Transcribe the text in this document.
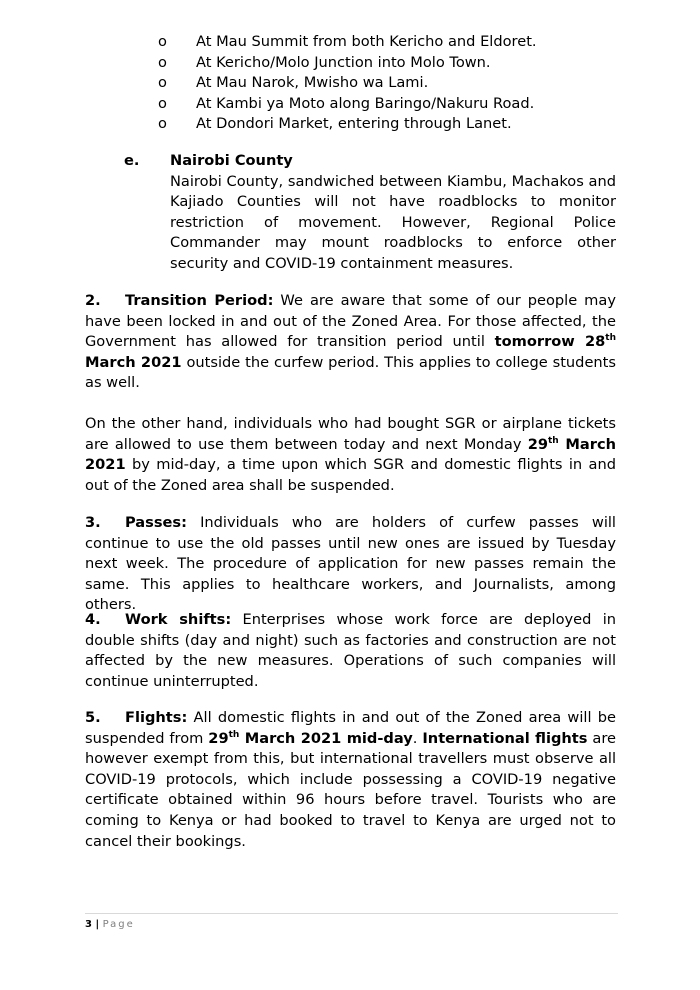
o	At Mau Summit from both Kericho and Eldoret.
o	At Kericho/Molo Junction into Molo Town.
o	At Mau Narok, Mwisho wa Lami.
o	At Kambi ya Moto along Baringo/Nakuru Road.
o	At Dondori Market, entering through Lanet.
e. Nairobi County
Nairobi County, sandwiched between Kiambu, Machakos and Kajiado Counties will not have roadblocks to monitor restriction of movement. However, Regional Police Commander may mount roadblocks to enforce other security and COVID-19 containment measures.
2. Transition Period: We are aware that some of our people may have been locked in and out of the Zoned Area. For those affected, the Government has allowed for transition period until tomorrow 28th March 2021 outside the curfew period. This applies to college students as well.
On the other hand, individuals who had bought SGR or airplane tickets are allowed to use them between today and next Monday 29th March 2021 by mid-day, a time upon which SGR and domestic flights in and out of the Zoned area shall be suspended.
3. Passes: Individuals who are holders of curfew passes will continue to use the old passes until new ones are issued by Tuesday next week. The procedure of application for new passes remain the same. This applies to healthcare workers, and Journalists, among others.
4. Work shifts: Enterprises whose work force are deployed in double shifts (day and night) such as factories and construction are not affected by the new measures. Operations of such companies will continue uninterrupted.
5. Flights: All domestic flights in and out of the Zoned area will be suspended from 29th March 2021 mid-day. International flights are however exempt from this, but international travellers must observe all COVID-19 protocols, which include possessing a COVID-19 negative certificate obtained within 96 hours before travel. Tourists who are coming to Kenya or had booked to travel to Kenya are urged not to cancel their bookings.
3 | Page
